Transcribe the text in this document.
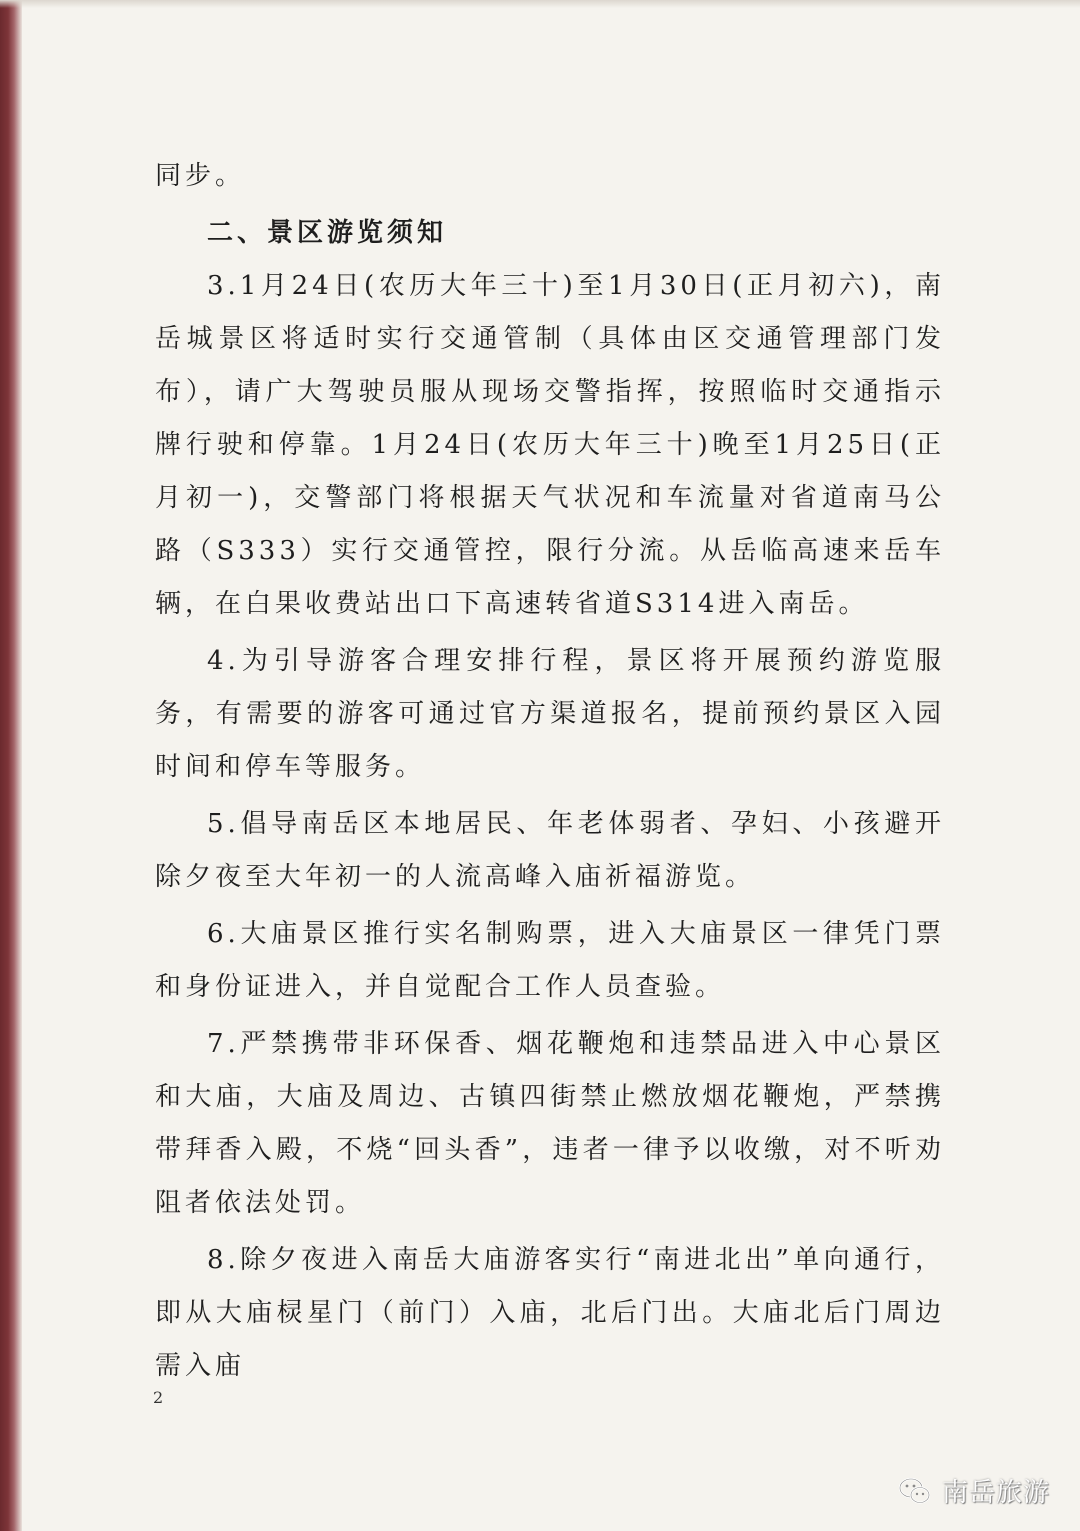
同步。

二、景区游览须知

3.1月24日(农历大年三十)至1月30日(正月初六)，南岳城景区将适时实行交通管制（具体由区交通管理部门发布），请广大驾驶员服从现场交警指挥，按照临时交通指示牌行驶和停靠。1月24日(农历大年三十)晚至1月25日(正月初一)，交警部门将根据天气状况和车流量对省道南马公路（S333）实行交通管控，限行分流。从岳临高速来岳车辆，在白果收费站出口下高速转省道S314进入南岳。

4.为引导游客合理安排行程，景区将开展预约游览服务，有需要的游客可通过官方渠道报名，提前预约景区入园时间和停车等服务。

5.倡导南岳区本地居民、年老体弱者、孕妇、小孩避开除夕夜至大年初一的人流高峰入庙祈福游览。

6.大庙景区推行实名制购票，进入大庙景区一律凭门票和身份证进入，并自觉配合工作人员查验。

7.严禁携带非环保香、烟花鞭炮和违禁品进入中心景区和大庙，大庙及周边、古镇四街禁止燃放烟花鞭炮，严禁携带拜香入殿，不烧“回头香”，违者一律予以收缴，对不听劝阻者依法处罚。

8.除夕夜进入南岳大庙游客实行“南进北出”单向通行，即从大庙棂星门（前门）入庙，北后门出。大庙北后门周边需入庙

2
南岳旅游
